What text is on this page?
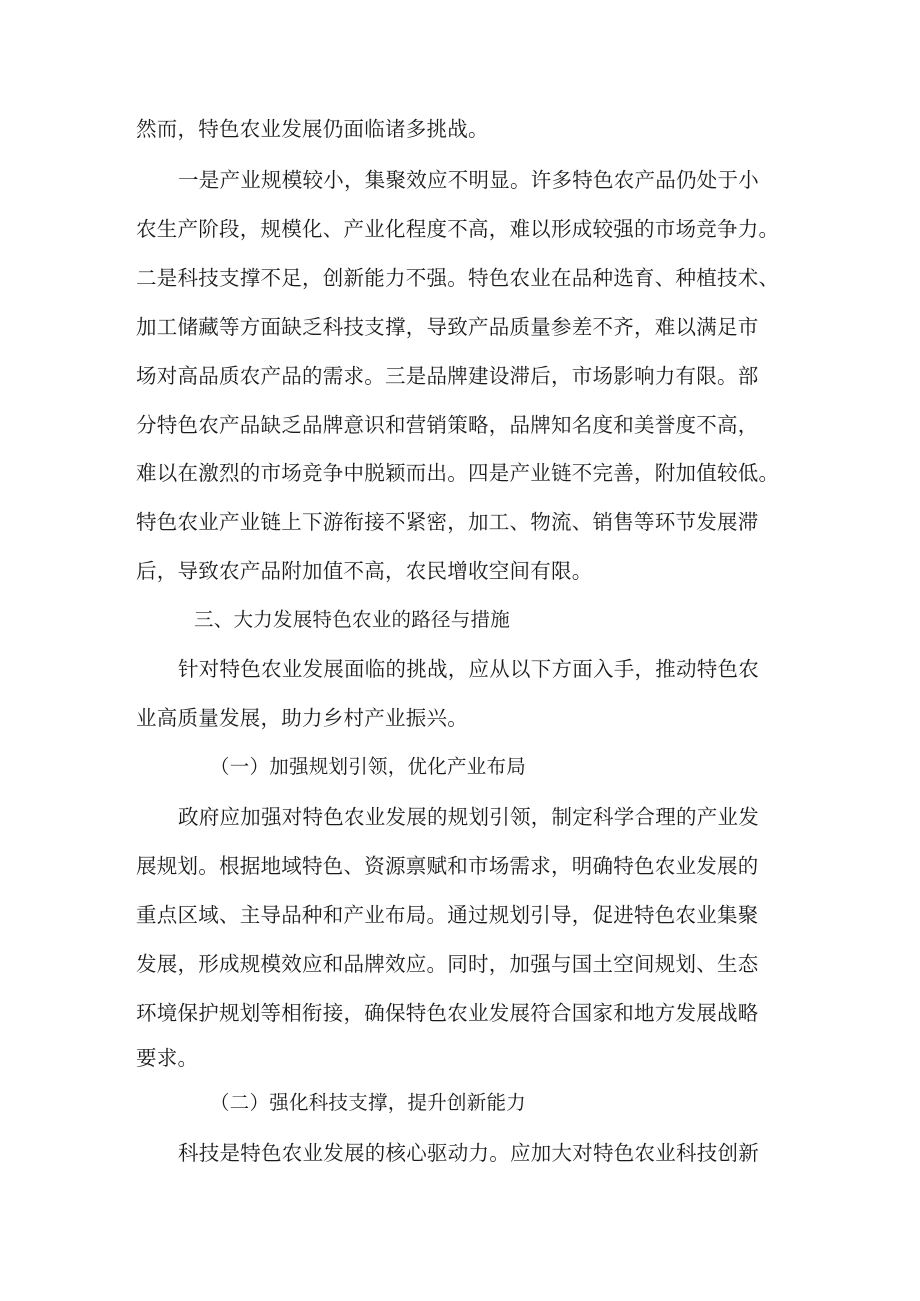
然而，特色农业发展仍面临诸多挑战。
一是产业规模较小，集聚效应不明显。许多特色农产品仍处于小
农生产阶段，规模化、产业化程度不高，难以形成较强的市场竞争力。
二是科技支撑不足，创新能力不强。特色农业在品种选育、种植技术、
加工储藏等方面缺乏科技支撑，导致产品质量参差不齐，难以满足市
场对高品质农产品的需求。三是品牌建设滞后，市场影响力有限。部
分特色农产品缺乏品牌意识和营销策略，品牌知名度和美誉度不高，
难以在激烈的市场竞争中脱颖而出。四是产业链不完善，附加值较低。
特色农业产业链上下游衔接不紧密，加工、物流、销售等环节发展滞
后，导致农产品附加值不高，农民增收空间有限。
三、大力发展特色农业的路径与措施
针对特色农业发展面临的挑战，应从以下方面入手，推动特色农
业高质量发展，助力乡村产业振兴。
（一）加强规划引领，优化产业布局
政府应加强对特色农业发展的规划引领，制定科学合理的产业发
展规划。根据地域特色、资源禀赋和市场需求，明确特色农业发展的
重点区域、主导品种和产业布局。通过规划引导，促进特色农业集聚
发展，形成规模效应和品牌效应。同时，加强与国土空间规划、生态
环境保护规划等相衔接，确保特色农业发展符合国家和地方发展战略
要求。
（二）强化科技支撑，提升创新能力
科技是特色农业发展的核心驱动力。应加大对特色农业科技创新
